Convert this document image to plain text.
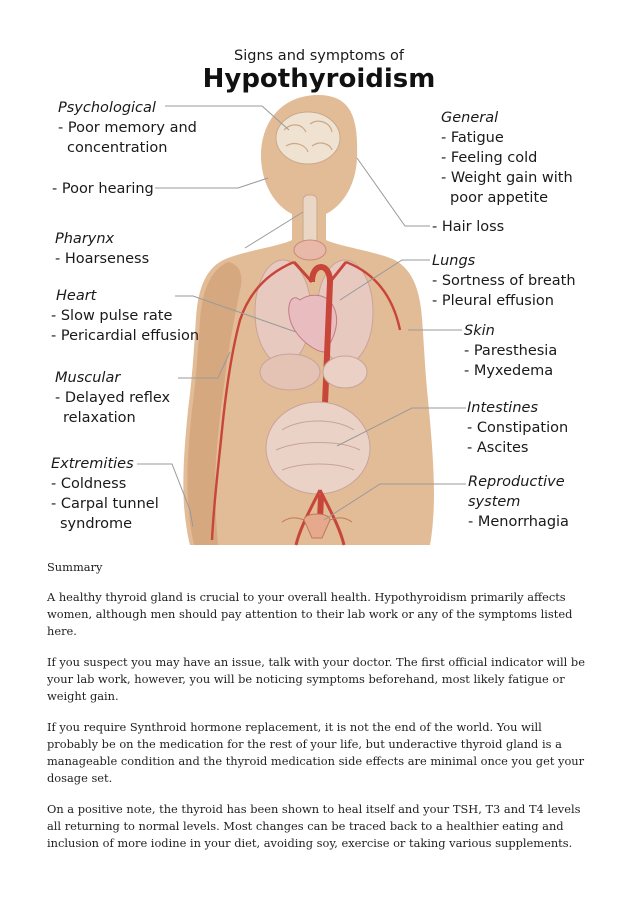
Signs and symptoms of
Hypothyroidism
Psychological
- Poor memory and
concentration
- Poor hearing
Pharynx
- Hoarseness
Heart
- Slow pulse rate
- Pericardial effusion
Muscular
- Delayed reflex
relaxation
Extremities
- Coldness
- Carpal tunnel
syndrome
General
- Fatigue
- Feeling cold
- Weight gain with
poor appetite
- Hair loss
Lungs
- Sortness of breath
- Pleural effusion
Skin
- Paresthesia
- Myxedema
Intestines
- Constipation
- Ascites
Reproductive
system
- Menorrhagia

Summary

A healthy thyroid gland is crucial to your overall health. Hypothyroidism primarily affects women, although men should pay attention to their lab work or any of the symptoms listed here.

If you suspect you may have an issue, talk with your doctor. The first official indicator will be your lab work, however, you will be noticing symptoms beforehand, most likely fatigue or weight gain.

If you require Synthroid hormone replacement, it is not the end of the world. You will probably be on the medication for the rest of your life, but underactive thyroid gland is a manageable condition and the thyroid medication side effects are minimal once you get your dosage set.

On a positive note, the thyroid has been shown to heal itself and your TSH, T3 and T4 levels all returning to normal levels. Most changes can be traced back to a healthier eating and inclusion of more iodine in your diet, avoiding soy, exercise or taking various supplements.
